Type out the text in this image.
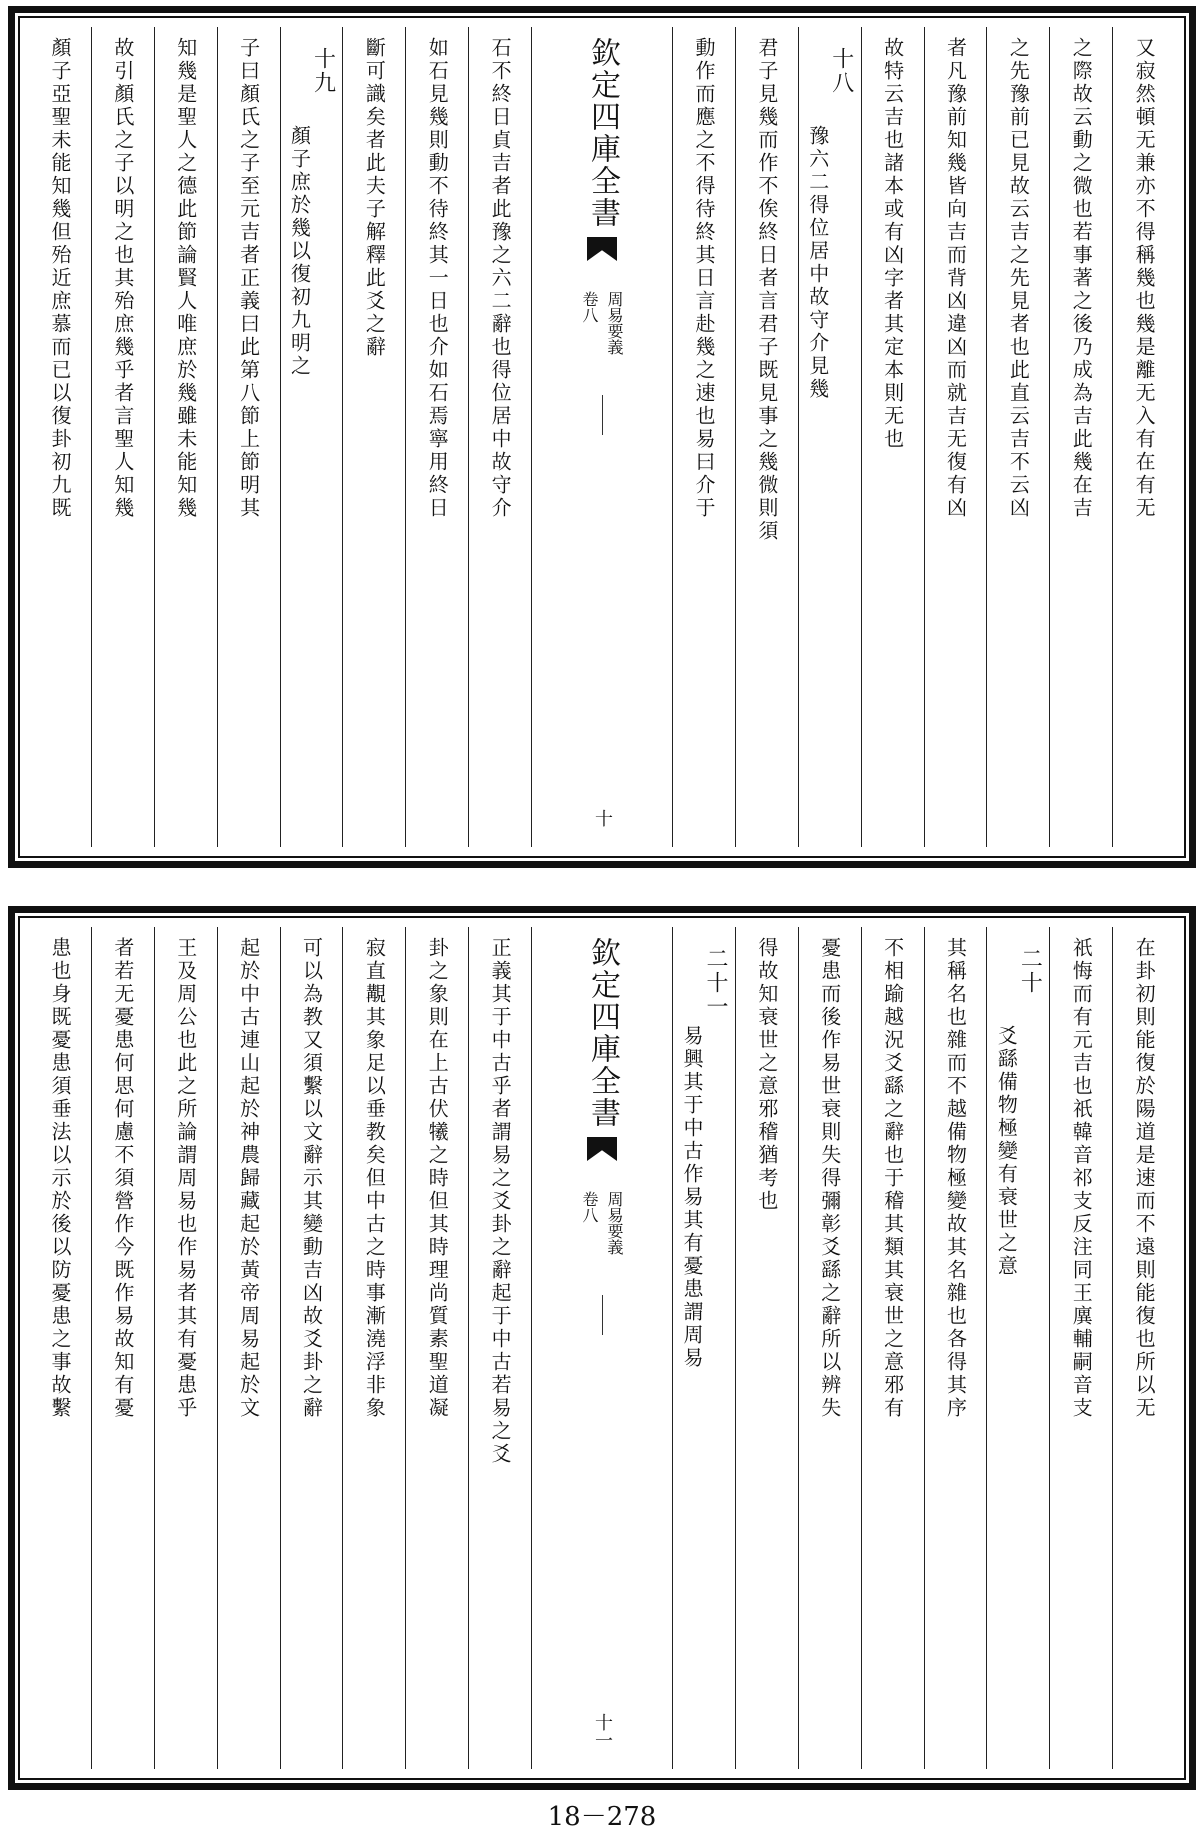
又寂然頓无兼亦不得稱幾也幾是離无入有在有无
之際故云動之微也若事著之後乃成為吉此幾在吉
之先豫前已見故云吉之先見者也此直云吉不云凶
者凡豫前知幾皆向吉而背凶違凶而就吉无復有凶
故特云吉也諸本或有凶字者其定本則无也
十八
豫六二得位居中故守介見幾
君子見幾而作不俟終日者言君子既見事之幾微則須
動作而應之不得待終其日言赴幾之速也易曰介于
欽定四庫全書
周易要義
卷八
十
石不終日貞吉者此豫之六二辭也得位居中故守介
如石見幾則動不待終其一日也介如石焉寧用終日
斷可識矣者此夫子解釋此爻之辭
十九
顏子庶於幾以復初九明之
子曰顏氏之子至元吉者正義曰此第八節上節明其
知幾是聖人之德此節論賢人唯庶於幾雖未能知幾
故引顏氏之子以明之也其殆庶幾乎者言聖人知幾
顏子亞聖未能知幾但殆近庶慕而已以復卦初九既
在卦初則能復於陽道是速而不遠則能復也所以无
祇悔而有元吉也祇韓音祁支反注同王廙輔嗣音支
二十
爻繇備物極變有衰世之意
其稱名也雜而不越備物極變故其名雜也各得其序
不相踰越況爻繇之辭也于稽其類其衰世之意邪有
憂患而後作易世衰則失得彌彰爻繇之辭所以辨失
得故知衰世之意邪稽猶考也
二十一
易興其于中古作易其有憂患謂周易
欽定四庫全書
周易要義
卷八
十一
正義其于中古乎者謂易之爻卦之辭起于中古若易之爻
卦之象則在上古伏犧之時但其時理尚質素聖道凝
寂直覯其象足以垂教矣但中古之時事漸澆浮非象
可以為教又須繫以文辭示其變動吉凶故爻卦之辭
起於中古連山起於神農歸藏起於黃帝周易起於文
王及周公也此之所論謂周易也作易者其有憂患乎
者若无憂患何思何慮不須營作今既作易故知有憂
患也身既憂患須垂法以示於後以防憂患之事故繫
18－278
